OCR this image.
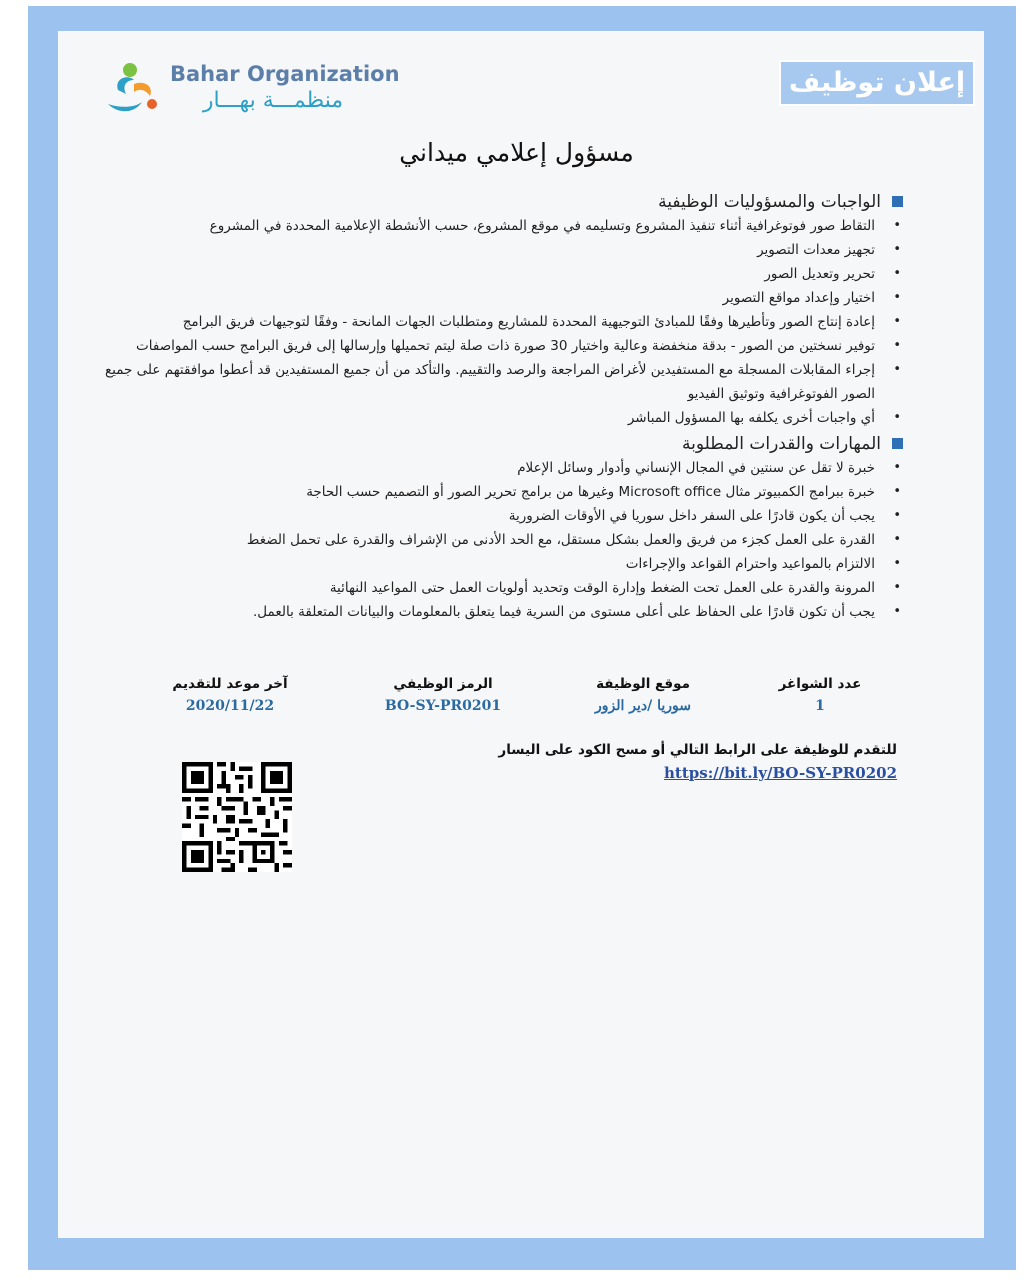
إعلان توظيف
Bahar Organization
منظمـــة بهـــار
مسؤول إعلامي ميداني
الواجبات والمسؤوليات الوظيفية
• التقاط صور فوتوغرافية أثناء تنفيذ المشروع وتسليمه في موقع المشروع، حسب الأنشطة الإعلامية المحددة في المشروع
• تجهيز معدات التصوير
• تحرير وتعديل الصور
• اختيار وإعداد مواقع التصوير
• إعادة إنتاج الصور وتأطيرها وفقًا للمبادئ التوجيهية المحددة للمشاريع ومتطلبات الجهات المانحة - وفقًا لتوجيهات فريق البرامج
• توفير نسختين من الصور - بدقة منخفضة وعالية واختيار 30 صورة ذات صلة ليتم تحميلها وإرسالها إلى فريق البرامج حسب المواصفات
• إجراء المقابلات المسجلة مع المستفيدين لأغراض المراجعة والرصد والتقييم. والتأكد من أن جميع المستفيدين قد أعطوا موافقتهم على جميع الصور الفوتوغرافية وتوثيق الفيديو
• أي واجبات أخرى يكلفه بها المسؤول المباشر
المهارات والقدرات المطلوبة
• خبرة لا تقل عن سنتين في المجال الإنساني وأدوار وسائل الإعلام
• خبرة ببرامج الكمبيوتر مثال Microsoft office وغيرها من برامج تحرير الصور أو التصميم حسب الحاجة
• يجب أن يكون قادرًا على السفر داخل سوريا في الأوقات الضرورية
• القدرة على العمل كجزء من فريق والعمل بشكل مستقل، مع الحد الأدنى من الإشراف والقدرة على تحمل الضغط
• الالتزام بالمواعيد واحترام القواعد والإجراءات
• المرونة والقدرة على العمل تحت الضغط وإدارة الوقت وتحديد أولويات العمل حتى المواعيد النهائية
• يجب أن تكون قادرًا على الحفاظ على أعلى مستوى من السرية فيما يتعلق بالمعلومات والبيانات المتعلقة بالعمل.
عدد الشواغر
1
موقع الوظيفة
سوريا /دير الزور
الرمز الوظيفي
BO-SY-PR0201
آخر موعد للتقديم
2020/11/22
للتقدم للوظيفة على الرابط التالي أو مسح الكود على اليسار
https://bit.ly/BO-SY-PR0202
